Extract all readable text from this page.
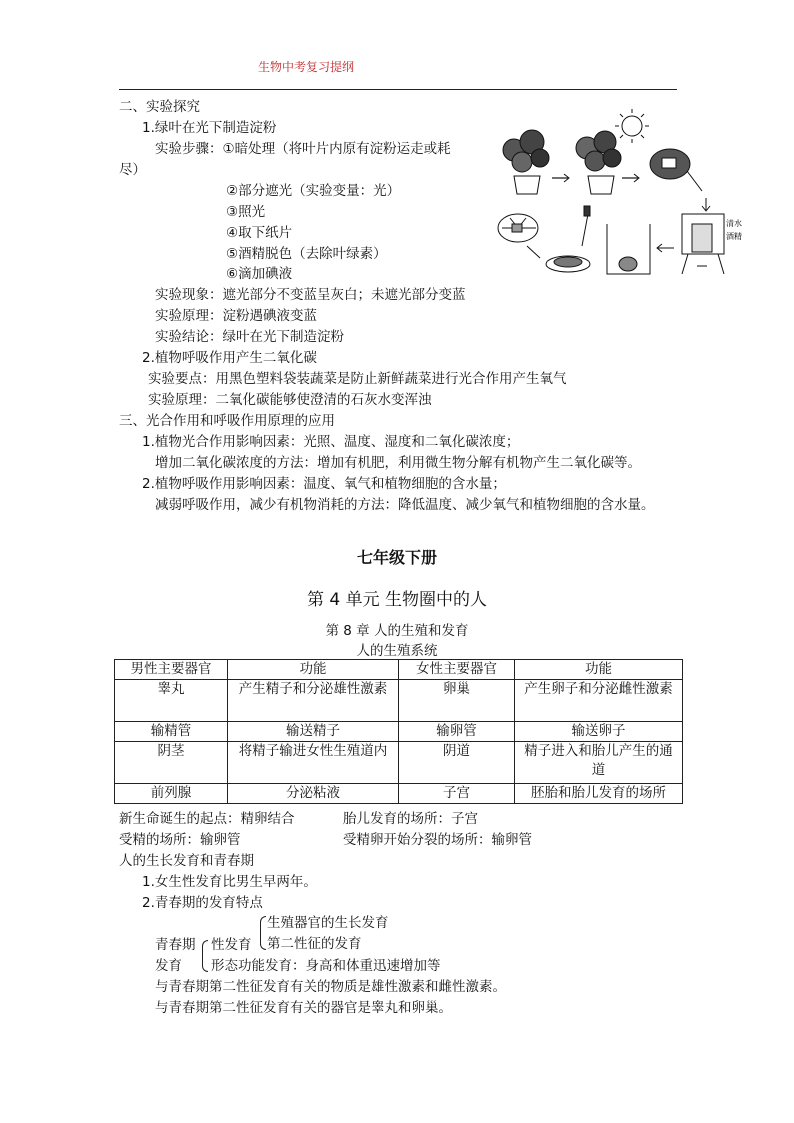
生物中考复习提纲
二、实验探究
1.绿叶在光下制造淀粉
实验步骤：①暗处理（将叶片内原有淀粉运走或耗
尽）
②部分遮光（实验变量：光）
③照光
④取下纸片
⑤酒精脱色（去除叶绿素）
⑥滴加碘液
实验现象：遮光部分不变蓝呈灰白；未遮光部分变蓝
实验原理：淀粉遇碘液变蓝
实验结论：绿叶在光下制造淀粉
2.植物呼吸作用产生二氧化碳
实验要点：用黑色塑料袋装蔬菜是防止新鲜蔬菜进行光合作用产生氧气
实验原理：二氧化碳能够使澄清的石灰水变浑浊
清水
酒精
三、光合作用和呼吸作用原理的应用
1.植物光合作用影响因素：光照、温度、湿度和二氧化碳浓度；
增加二氧化碳浓度的方法：增加有机肥，利用微生物分解有机物产生二氧化碳等。
2.植物呼吸作用影响因素：温度、氧气和植物细胞的含水量；
减弱呼吸作用，减少有机物消耗的方法：降低温度、减少氧气和植物细胞的含水量。
七年级下册
第 4 单元 生物圈中的人
第 8 章 人的生殖和发育
人的生殖系统
男性主要器官	功能	女性主要器官	功能
睾丸	产生精子和分泌雄性激素	卵巢	产生卵子和分泌雌性激素
输精管	输送精子	输卵管	输送卵子
阴茎	将精子输进女性生殖道内	阴道	精子进入和胎儿产生的通道
前列腺	分泌粘液	子宫	胚胎和胎儿发育的场所
新生命诞生的起点：精卵结合	胎儿发育的场所：子宫
受精的场所：输卵管	受精卵开始分裂的场所：输卵管
人的生长发育和青春期
1.女生性发育比男生早两年。
2.青春期的发育特点
生殖器官的生长发育
第二性征的发育
青春期
发育
性发育
形态功能发育：身高和体重迅速增加等
与青春期第二性征发育有关的物质是雄性激素和雌性激素。
与青春期第二性征发育有关的器官是睾丸和卵巢。
